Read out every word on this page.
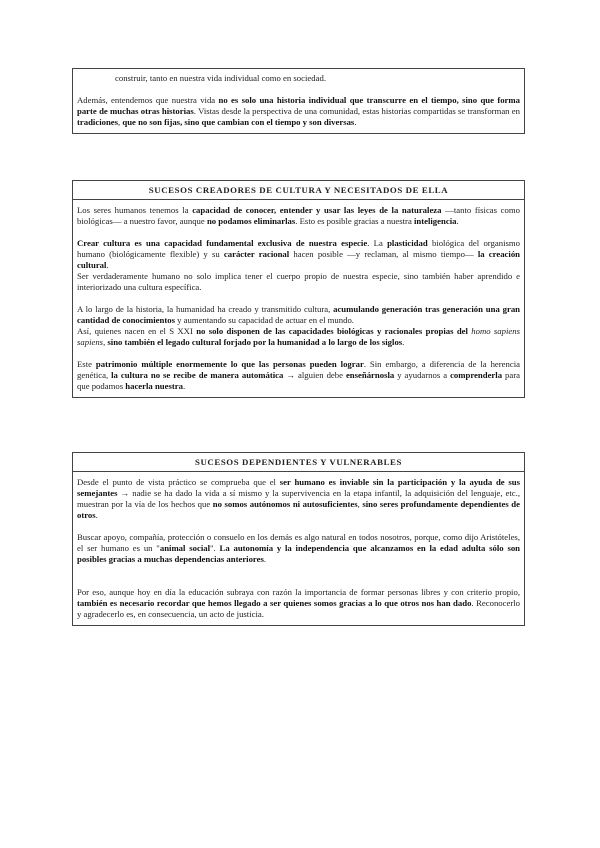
construir, tanto en nuestra vida individual como en sociedad.

Además, entendemos que nuestra vida no es solo una historia individual que transcurre en el tiempo, sino que forma parte de muchas otras historias. Vistas desde la perspectiva de una comunidad, estas historias compartidas se transforman en tradiciones, que no son fijas, sino que cambian con el tiempo y son diversas.

SUCESOS CREADORES DE CULTURA Y NECESITADOS DE ELLA

Los seres humanos tenemos la capacidad de conocer, entender y usar las leyes de la naturaleza —tanto físicas como biológicas— a nuestro favor, aunque no podamos eliminarlas. Esto es posible gracias a nuestra inteligencia.

Crear cultura es una capacidad fundamental exclusiva de nuestra especie. La plasticidad biológica del organismo humano (biológicamente flexible) y su carácter racional hacen posible —y reclaman, al mismo tiempo— la creación cultural.

Ser verdaderamente humano no solo implica tener el cuerpo propio de nuestra especie, sino también haber aprendido e interiorizado una cultura específica.

A lo largo de la historia, la humanidad ha creado y transmitido cultura, acumulando generación tras generación una gran cantidad de conocimientos y aumentando su capacidad de actuar en el mundo.

Así, quienes nacen en el S XXI no solo disponen de las capacidades biológicas y racionales propias del homo sapiens sapiens, sino también el legado cultural forjado por la humanidad a lo largo de los siglos.

Este patrimonio múltiple enormemente lo que las personas pueden lograr. Sin embargo, a diferencia de la herencia genética, la cultura no se recibe de manera automática → alguien debe enseñárnosla y ayudarnos a comprenderla para que podamos hacerla nuestra.

SUCESOS DEPENDIENTES Y VULNERABLES

Desde el punto de vista práctico se comprueba que el ser humano es inviable sin la participación y la ayuda de sus semejantes → nadie se ha dado la vida a sí mismo y la supervivencia en la etapa infantil, la adquisición del lenguaje, etc., muestran por la vía de los hechos que no somos autónomos ni autosuficientes, sino seres profundamente dependientes de otros.

Buscar apoyo, compañía, protección o consuelo en los demás es algo natural en todos nosotros, porque, como dijo Aristóteles, el ser humano es un "animal social". La autonomía y la independencia que alcanzamos en la edad adulta sólo son posibles gracias a muchas dependencias anteriores.

Por eso, aunque hoy en día la educación subraya con razón la importancia de formar personas libres y con criterio propio, también es necesario recordar que hemos llegado a ser quienes somos gracias a lo que otros nos han dado. Reconocerlo y agradecerlo es, en consecuencia, un acto de justicia.
